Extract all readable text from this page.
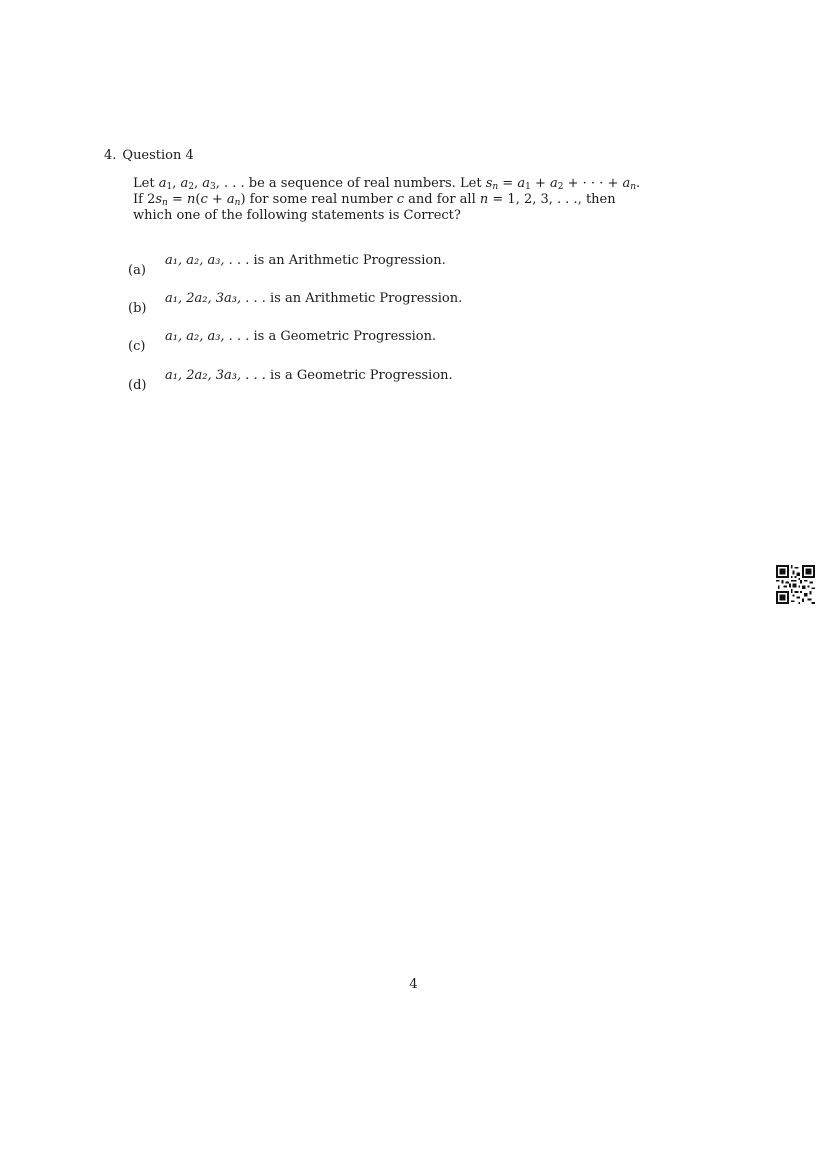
4. Question 4
Let $a_1$, $a_2$, $a_3$, . . . be a sequence of real numbers. Let $s_n = a_1 + a_2$ + · · · + $a_n$.
If $2s_n = n(c + a_n)$ for some real number c and for all n = 1, 2, 3, . . ., then
which one of the following statements is Correct?
(a)
a₁, a₂, a₃, . . . is an Arithmetic Progression.
(b)
a₁, 2a₂, 3a₃, . . . is an Arithmetic Progression.
(c)
a₁, a₂, a₃, . . . is a Geometric Progression.
(d)
a₁, 2a₂, 3a₃, . . . is a Geometric Progression.
4
